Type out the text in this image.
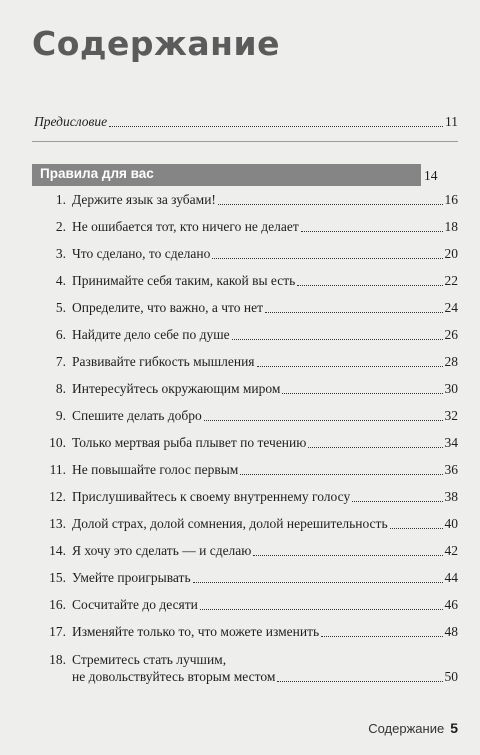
Содержание
Предисловие	11
Правила для вас	14
1. Держите язык за зубами!	16
2. Не ошибается тот, кто ничего не делает	18
3. Что сделано, то сделано	20
4. Принимайте себя таким, какой вы есть	22
5. Определите, что важно, а что нет	24
6. Найдите дело себе по душе	26
7. Развивайте гибкость мышления	28
8. Интересуйтесь окружающим миром	30
9. Спешите делать добро	32
10. Только мертвая рыба плывет по течению	34
11. Не повышайте голос первым	36
12. Прислушивайтесь к своему внутреннему голосу	38
13. Долой страх, долой сомнения, долой нерешительность	40
14. Я хочу это сделать — и сделаю	42
15. Умейте проигрывать	44
16. Сосчитайте до десяти	46
17. Изменяйте только то, что можете изменить	48
18. Стремитесь стать лучшим,
не довольствуйтесь вторым местом	50
Содержание 5
